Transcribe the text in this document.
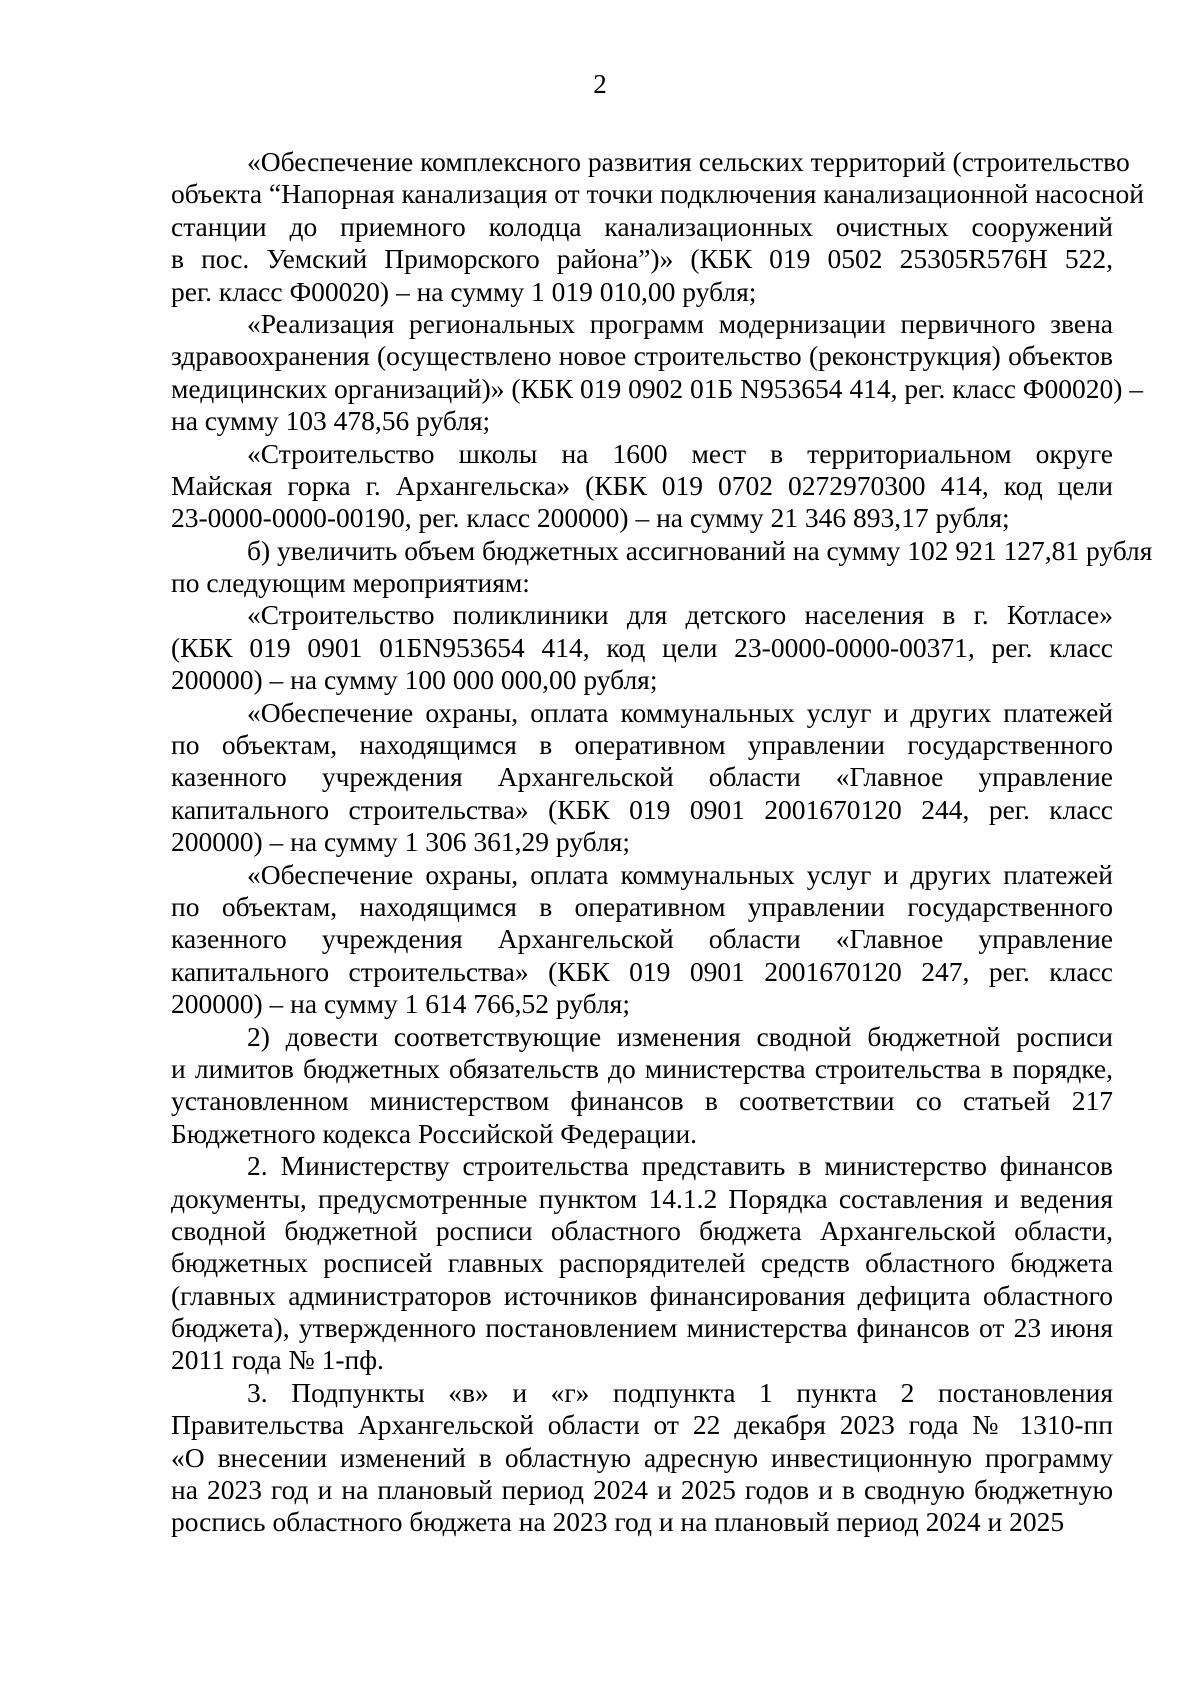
2
«Обеспечение комплексного развития сельских территорий (строительство
объекта “Напорная канализация от точки подключения канализационной насосной
станции до приемного колодца канализационных очистных сооружений
в пос. Уемский Приморского района”)» (КБК 019 0502 25305R576H 522,
рег. класс Ф00020) – на сумму 1 019 010,00 рубля;
«Реализация региональных программ модернизации первичного звена
здравоохранения (осуществлено новое строительство (реконструкция) объектов
медицинских организаций)» (КБК 019 0902 01Б N953654 414, рег. класс Ф00020) –
на сумму 103 478,56 рубля;
«Строительство школы на 1600 мест в территориальном округе
Майская горка г. Архангельска» (КБК 019 0702 0272970300 414, код цели
23-0000-0000-00190, рег. класс 200000) – на сумму 21 346 893,17 рубля;
б) увеличить объем бюджетных ассигнований на сумму 102 921 127,81 рубля
по следующим мероприятиям:
«Строительство поликлиники для детского населения в г. Котласе»
(КБК 019 0901 01БN953654 414, код цели 23-0000-0000-00371, рег. класс
200000) – на сумму 100 000 000,00 рубля;
«Обеспечение охраны, оплата коммунальных услуг и других платежей
по объектам, находящимся в оперативном управлении государственного
казенного учреждения Архангельской области «Главное управление
капитального строительства» (КБК 019 0901 2001670120 244, рег. класс
200000) – на сумму 1 306 361,29 рубля;
«Обеспечение охраны, оплата коммунальных услуг и других платежей
по объектам, находящимся в оперативном управлении государственного
казенного учреждения Архангельской области «Главное управление
капитального строительства» (КБК 019 0901 2001670120 247, рег. класс
200000) – на сумму 1 614 766,52 рубля;
2) довести соответствующие изменения сводной бюджетной росписи
и лимитов бюджетных обязательств до министерства строительства в порядке,
установленном министерством финансов в соответствии со статьей 217
Бюджетного кодекса Российской Федерации.
2. Министерству строительства представить в министерство финансов
документы, предусмотренные пунктом 14.1.2 Порядка составления и ведения
сводной бюджетной росписи областного бюджета Архангельской области,
бюджетных росписей главных распорядителей средств областного бюджета
(главных администраторов источников финансирования дефицита областного
бюджета), утвержденного постановлением министерства финансов от 23 июня
2011 года № 1-пф.
3. Подпункты «в» и «г» подпункта 1 пункта 2 постановления
Правительства Архангельской области от 22 декабря 2023 года № 1310-пп
«О внесении изменений в областную адресную инвестиционную программу
на 2023 год и на плановый период 2024 и 2025 годов и в сводную бюджетную
роспись областного бюджета на 2023 год и на плановый период 2024 и 2025
